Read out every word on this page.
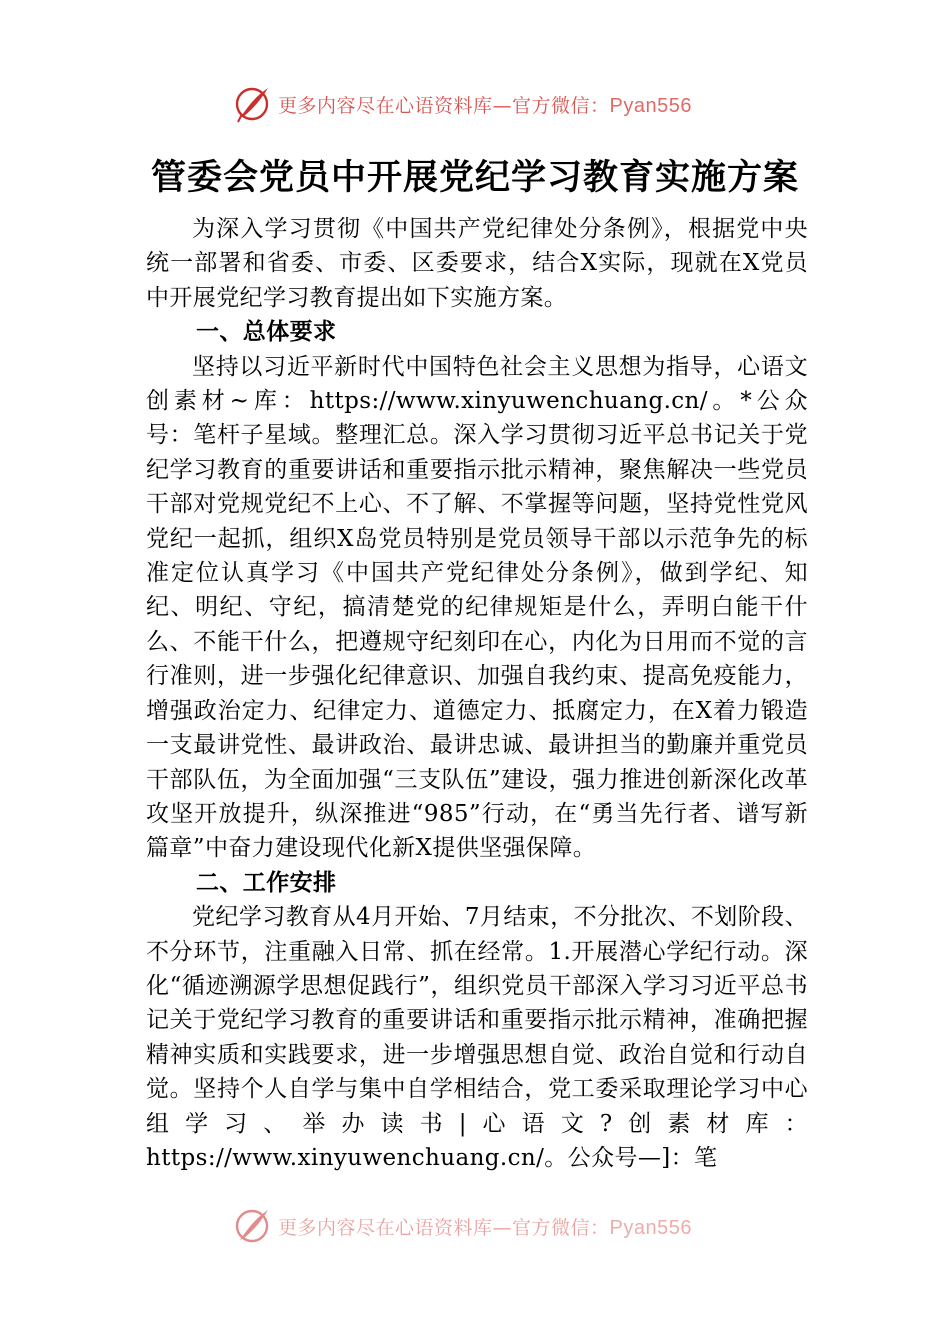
更多内容尽在心语资料库—官方微信：Pyan556
管委会党员中开展党纪学习教育实施方案

为深入学习贯彻《中国共产党纪律处分条例》，根据党中央统一部署和省委、市委、区委要求，结合X实际，现就在X党员中开展党纪学习教育提出如下实施方案。

一、总体要求

坚持以习近平新时代中国特色社会主义思想为指导，心语文创素材~库：https://www.xinyuwenchuang.cn/。*公众号：笔杆子星域。整理汇总。深入学习贯彻习近平总书记关于党纪学习教育的重要讲话和重要指示批示精神，聚焦解决一些党员干部对党规党纪不上心、不了解、不掌握等问题，坚持党性党风党纪一起抓，组织X岛党员特别是党员领导干部以示范争先的标准定位认真学习《中国共产党纪律处分条例》，做到学纪、知纪、明纪、守纪，搞清楚党的纪律规矩是什么，弄明白能干什么、不能干什么，把遵规守纪刻印在心，内化为日用而不觉的言行准则，进一步强化纪律意识、加强自我约束、提高免疫能力，增强政治定力、纪律定力、道德定力、抵腐定力，在X着力锻造一支最讲党性、最讲政治、最讲忠诚、最讲担当的勤廉并重党员干部队伍，为全面加强“三支队伍”建设，强力推进创新深化改革攻坚开放提升，纵深推进“985”行动，在“勇当先行者、谱写新篇章”中奋力建设现代化新X提供坚强保障。

二、工作安排

党纪学习教育从4月开始、7月结束，不分批次、不划阶段、不分环节，注重融入日常、抓在经常。1.开展潜心学纪行动。深化“循迹溯源学思想促践行”，组织党员干部深入学习习近平总书记关于党纪学习教育的重要讲话和重要指示批示精神，准确把握精神实质和实践要求，进一步增强思想自觉、政治自觉和行动自觉。坚持个人自学与集中自学相结合，党工委采取理论学习中心组学习、举办读书|心语文?创素材库：https://www.xinyuwenchuang.cn/。公众号—]：笔

更多内容尽在心语资料库—官方微信：Pyan556
